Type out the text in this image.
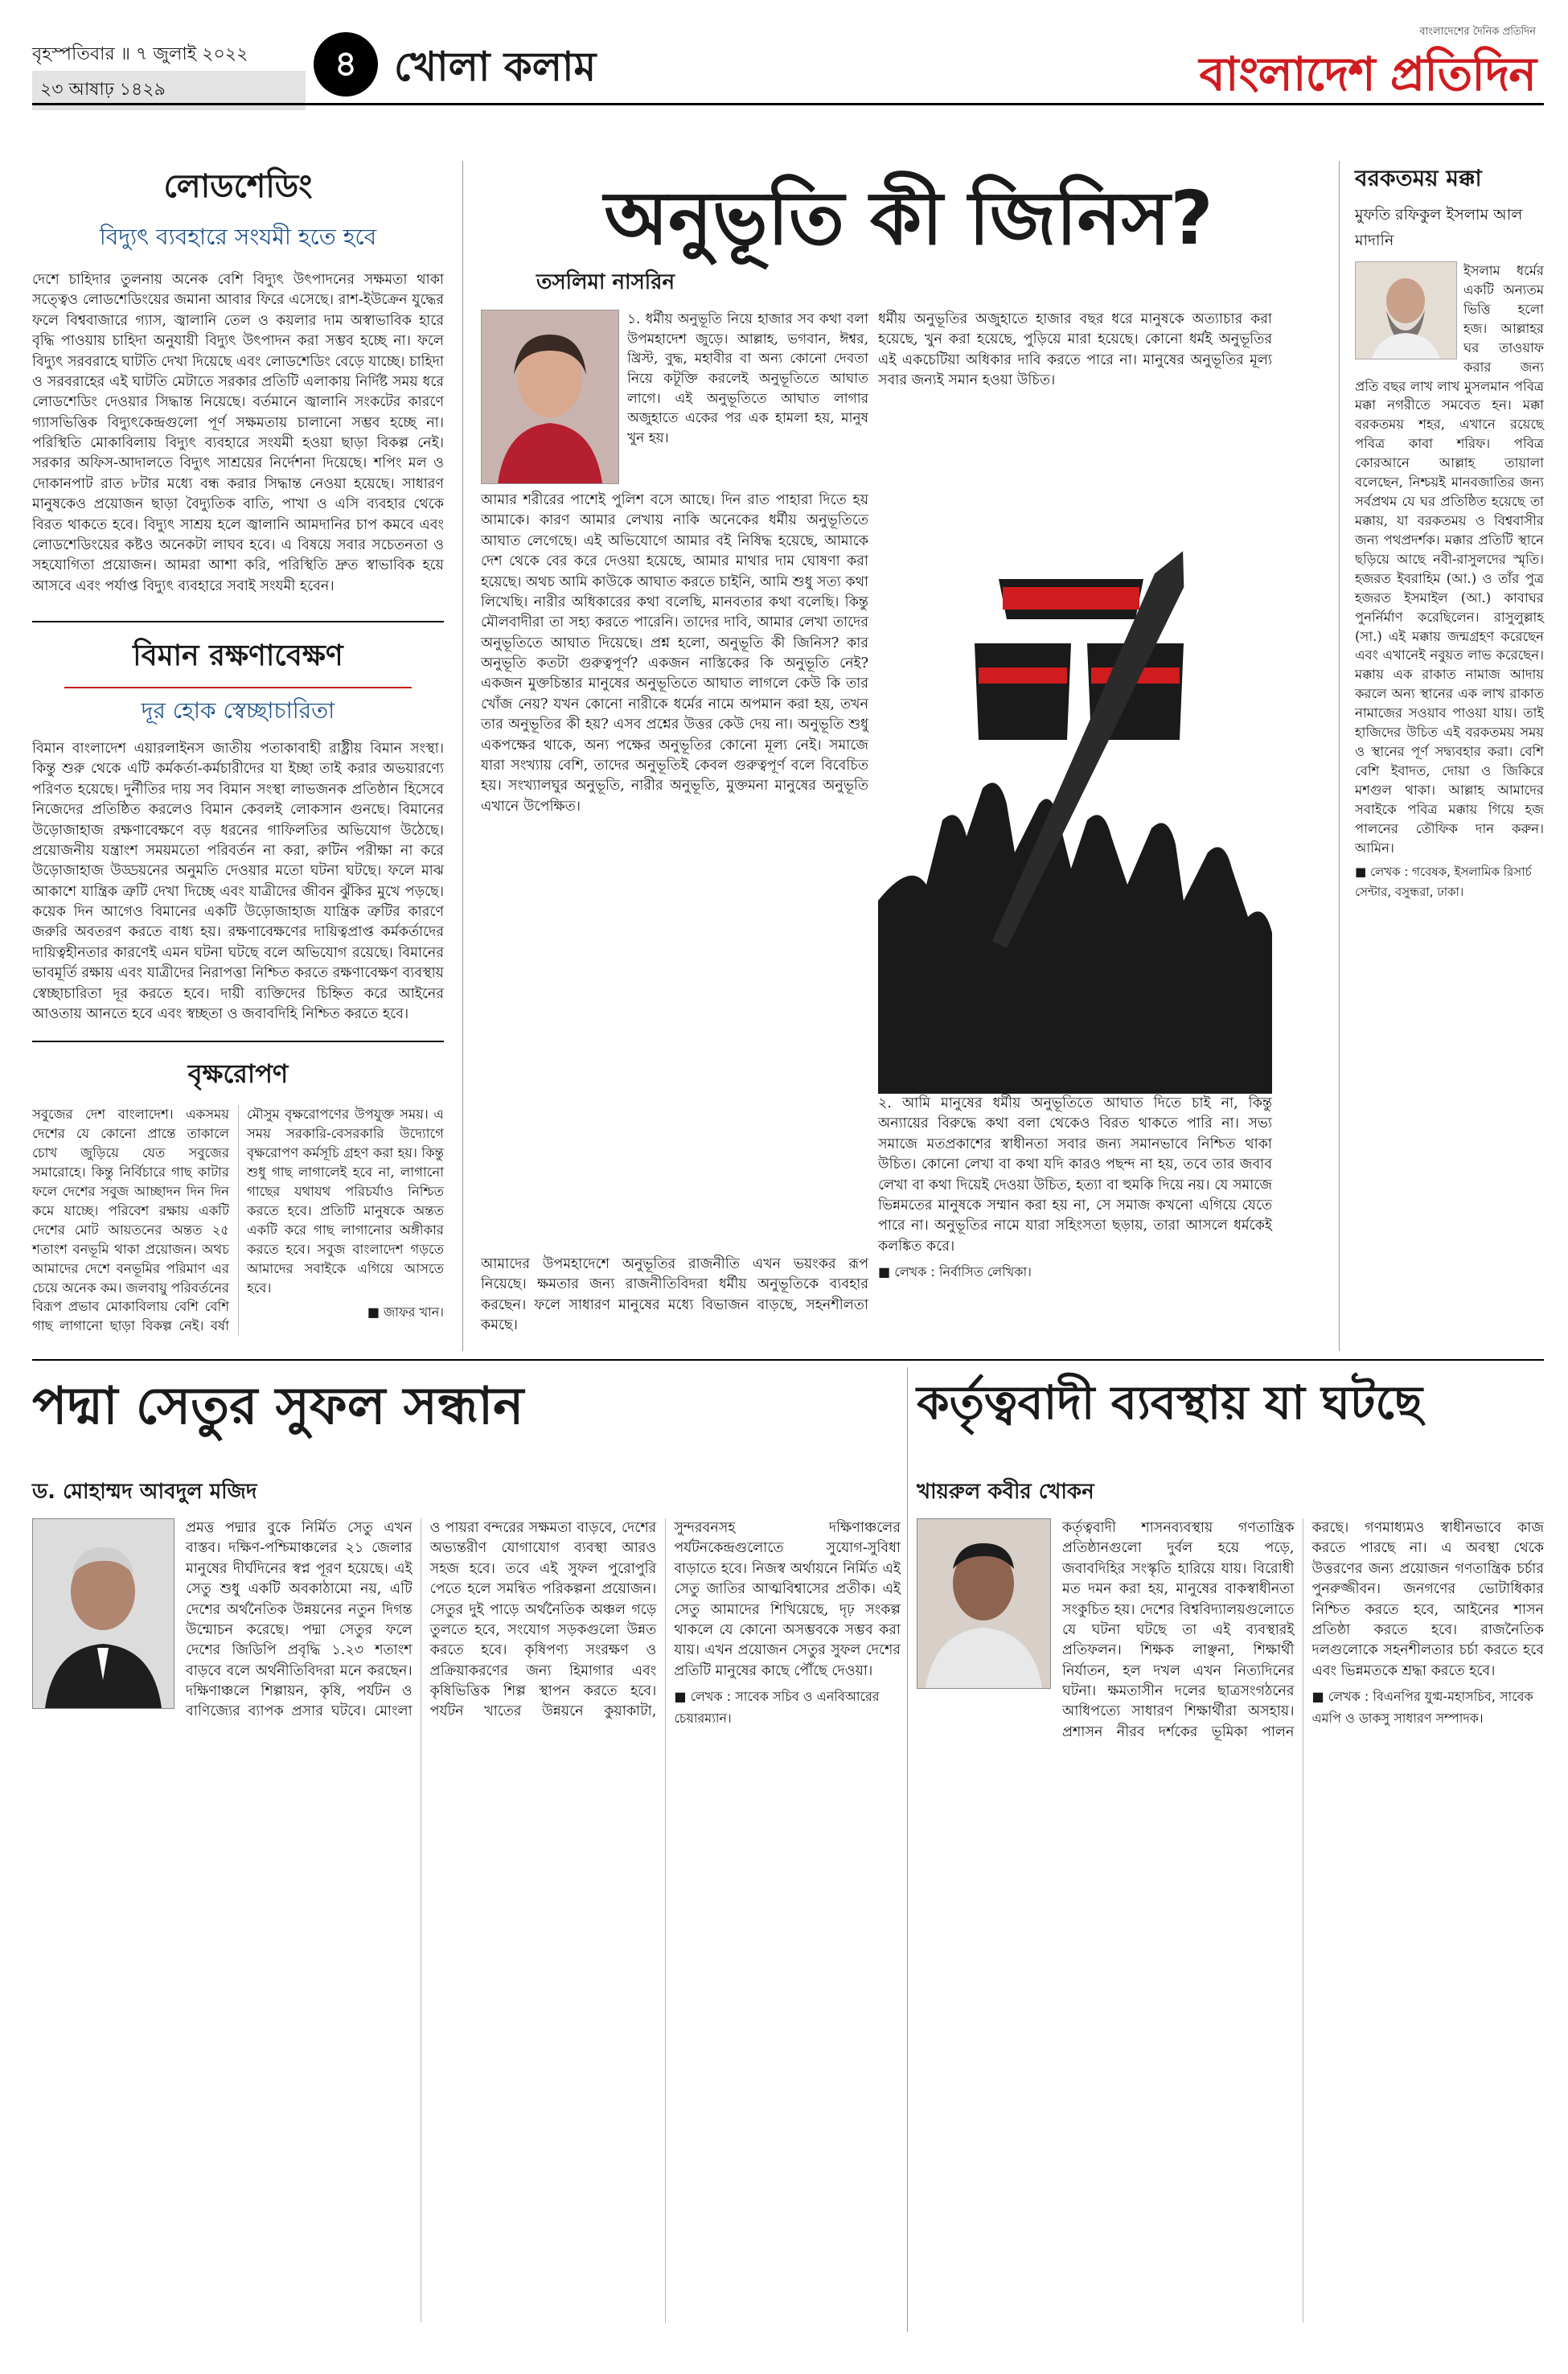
বৃহস্পতিবার ॥ ৭ জুলাই ২০২২
২৩ আষাঢ় ১৪২৯
৪ খোলা কলাম
বাংলাদেশের দৈনিক প্রতিদিন
বাংলাদেশ প্রতিদিন
লোডশেডিং
বিদ্যুৎ ব্যবহারে সংযমী হতে হবে

দেশে চাহিদার তুলনায় অনেক বেশি বিদ্যুৎ উৎপাদনের সক্ষমতা থাকা সত্ত্বেও লোডশেডিংয়ের জমানা আবার ফিরে এসেছে। রাশ-ইউক্রেন যুদ্ধের ফলে বিশ্ববাজারে গ্যাস, জ্বালানি তেল ও কয়লার দাম অস্বাভাবিক হারে বৃদ্ধি পাওয়ায় চাহিদা অনুযায়ী বিদ্যুৎ উৎপাদন করা সম্ভব হচ্ছে না। ফলে বিদ্যুৎ সরবরাহে ঘাটতি দেখা দিয়েছে এবং লোডশেডিং বেড়ে যাচ্ছে। চাহিদা ও সরবরাহের এই ঘাটতি মেটাতে সরকার প্রতিটি এলাকায় নির্দিষ্ট সময় ধরে লোডশেডিং দেওয়ার সিদ্ধান্ত নিয়েছে। বর্তমানে জ্বালানি সংকটের কারণে গ্যাসভিত্তিক বিদ্যুৎকেন্দ্রগুলো পূর্ণ সক্ষমতায় চালানো সম্ভব হচ্ছে না। পরিস্থিতি মোকাবিলায় বিদ্যুৎ ব্যবহারে সংযমী হওয়া ছাড়া বিকল্প নেই। সরকার অফিস-আদালতে বিদ্যুৎ সাশ্রয়ের নির্দেশনা দিয়েছে। শপিং মল ও দোকানপাট রাত ৮টার মধ্যে বন্ধ করার সিদ্ধান্ত নেওয়া হয়েছে। সাধারণ মানুষকেও প্রয়োজন ছাড়া বৈদ্যুতিক বাতি, পাখা ও এসি ব্যবহার থেকে বিরত থাকতে হবে। বিদ্যুৎ সাশ্রয় হলে জ্বালানি আমদানির চাপ কমবে এবং লোডশেডিংয়ের কষ্টও অনেকটা লাঘব হবে। এ বিষয়ে সবার সচেতনতা ও সহযোগিতা প্রয়োজন। আমরা আশা করি, পরিস্থিতি দ্রুত স্বাভাবিক হয়ে আসবে এবং পর্যাপ্ত বিদ্যুৎ ব্যবহারে সবাই সংযমী হবেন।

বিমান রক্ষণাবেক্ষণ
দূর হোক স্বেচ্ছাচারিতা

বিমান বাংলাদেশ এয়ারলাইনস জাতীয় পতাকাবাহী রাষ্ট্রীয় বিমান সংস্থা। কিন্তু শুরু থেকে এটি কর্মকর্তা-কর্মচারীদের যা ইচ্ছা তাই করার অভয়ারণ্যে পরিণত হয়েছে। দুর্নীতির দায় সব বিমান সংস্থা লাভজনক প্রতিষ্ঠান হিসেবে নিজেদের প্রতিষ্ঠিত করলেও বিমান কেবলই লোকসান গুনছে। বিমানের উড়োজাহাজ রক্ষণাবেক্ষণে বড় ধরনের গাফিলতির অভিযোগ উঠেছে। প্রয়োজনীয় যন্ত্রাংশ সময়মতো পরিবর্তন না করা, রুটিন পরীক্ষা না করে উড়োজাহাজ উড্ডয়নের অনুমতি দেওয়ার মতো ঘটনা ঘটছে। ফলে মাঝ আকাশে যান্ত্রিক ত্রুটি দেখা দিচ্ছে এবং যাত্রীদের জীবন ঝুঁকির মুখে পড়ছে। কয়েক দিন আগেও বিমানের একটি উড়োজাহাজ যান্ত্রিক ত্রুটির কারণে জরুরি অবতরণ করতে বাধ্য হয়। রক্ষণাবেক্ষণের দায়িত্বপ্রাপ্ত কর্মকর্তাদের দায়িত্বহীনতার কারণেই এমন ঘটনা ঘটছে বলে অভিযোগ রয়েছে। বিমানের ভাবমূর্তি রক্ষায় এবং যাত্রীদের নিরাপত্তা নিশ্চিত করতে রক্ষণাবেক্ষণ ব্যবস্থায় স্বেচ্ছাচারিতা দূর করতে হবে। দায়ী ব্যক্তিদের চিহ্নিত করে আইনের আওতায় আনতে হবে এবং স্বচ্ছতা ও জবাবদিহি নিশ্চিত করতে হবে।

বৃক্ষরোপণ

সবুজের দেশ বাংলাদেশ। একসময় দেশের যে কোনো প্রান্তে তাকালে চোখ জুড়িয়ে যেত সবুজের সমারোহে। কিন্তু নির্বিচারে গাছ কাটার ফলে দেশের সবুজ আচ্ছাদন দিন দিন কমে যাচ্ছে। পরিবেশ রক্ষায় একটি দেশের মোট আয়তনের অন্তত ২৫ শতাংশ বনভূমি থাকা প্রয়োজন। অথচ আমাদের দেশে বনভূমির পরিমাণ এর চেয়ে অনেক কম। জলবায়ু পরিবর্তনের বিরূপ প্রভাব মোকাবিলায় বেশি বেশি গাছ লাগানো ছাড়া বিকল্প নেই। বর্ষা মৌসুম বৃক্ষরোপণের উপযুক্ত সময়। এ সময় সরকারি-বেসরকারি উদ্যোগে বৃক্ষরোপণ কর্মসূচি গ্রহণ করা হয়। কিন্তু শুধু গাছ লাগালেই হবে না, লাগানো গাছের যথাযথ পরিচর্যাও নিশ্চিত করতে হবে। প্রতিটি মানুষকে অন্তত একটি করে গাছ লাগানোর অঙ্গীকার করতে হবে। সবুজ বাংলাদেশ গড়তে আমাদের সবাইকে এগিয়ে আসতে হবে।

■ জাফর খান।
অনুভূতি কী জিনিস?
তসলিমা নাসরিন

১. ধর্মীয় অনুভূতি নিয়ে হাজার সব কথা বলা উপমহাদেশ জুড়ে। আল্লাহ, ভগবান, ঈশ্বর, খ্রিস্ট, বুদ্ধ, মহাবীর বা অন্য কোনো দেবতা নিয়ে কটূক্তি করলেই অনুভূতিতে আঘাত লাগে। এই অনুভূতিতে আঘাত লাগার অজুহাতে একের পর এক হামলা হয়, মানুষ খুন হয়।

আমার শরীরের পাশেই পুলিশ বসে আছে। দিন রাত পাহারা দিতে হয় আমাকে। কারণ আমার লেখায় নাকি অনেকের ধর্মীয় অনুভূতিতে আঘাত লেগেছে। এই অভিযোগে আমার বই নিষিদ্ধ হয়েছে, আমাকে দেশ থেকে বের করে দেওয়া হয়েছে, আমার মাথার দাম ঘোষণা করা হয়েছে। অথচ আমি কাউকে আঘাত করতে চাইনি, আমি শুধু সত্য কথা লিখেছি। নারীর অধিকারের কথা বলেছি, মানবতার কথা বলেছি। কিন্তু মৌলবাদীরা তা সহ্য করতে পারেনি। তাদের দাবি, আমার লেখা তাদের অনুভূতিতে আঘাত দিয়েছে। প্রশ্ন হলো, অনুভূতি কী জিনিস? কার অনুভূতি কতটা গুরুত্বপূর্ণ? একজন নাস্তিকের কি অনুভূতি নেই? একজন মুক্তচিন্তার মানুষের অনুভূতিতে আঘাত লাগলে কেউ কি তার খোঁজ নেয়? যখন কোনো নারীকে ধর্মের নামে অপমান করা হয়, তখন তার অনুভূতির কী হয়? এসব প্রশ্নের উত্তর কেউ দেয় না। অনুভূতি শুধু একপক্ষের থাকে, অন্য পক্ষের অনুভূতির কোনো মূল্য নেই। সমাজে যারা সংখ্যায় বেশি, তাদের অনুভূতিই কেবল গুরুত্বপূর্ণ বলে বিবেচিত হয়। সংখ্যালঘুর অনুভূতি, নারীর অনুভূতি, মুক্তমনা মানুষের অনুভূতি এখানে উপেক্ষিত।

ধর্মীয় অনুভূতির অজুহাতে হাজার বছর ধরে মানুষকে অত্যাচার করা হয়েছে, খুন করা হয়েছে, পুড়িয়ে মারা হয়েছে। কোনো ধর্মই অনুভূতির এই একচেটিয়া অধিকার দাবি করতে পারে না। মানুষের অনুভূতির মূল্য সবার জন্যই সমান হওয়া উচিত।

২. আমি মানুষের ধর্মীয় অনুভূতিতে আঘাত দিতে চাই না, কিন্তু অন্যায়ের বিরুদ্ধে কথা বলা থেকেও বিরত থাকতে পারি না। সভ্য সমাজে মতপ্রকাশের স্বাধীনতা সবার জন্য সমানভাবে নিশ্চিত থাকা উচিত। কোনো লেখা বা কথা যদি কারও পছন্দ না হয়, তবে তার জবাব লেখা বা কথা দিয়েই দেওয়া উচিত, হত্যা বা হুমকি দিয়ে নয়। যে সমাজে ভিন্নমতের মানুষকে সম্মান করা হয় না, সে সমাজ কখনো এগিয়ে যেতে পারে না। অনুভূতির নামে যারা সহিংসতা ছড়ায়, তারা আসলে ধর্মকেই কলঙ্কিত করে।

■ লেখক : নির্বাসিত লেখিকা।

আমাদের উপমহাদেশে অনুভূতির রাজনীতি এখন ভয়ংকর রূপ নিয়েছে। ক্ষমতার জন্য রাজনীতিবিদরা ধর্মীয় অনুভূতিকে ব্যবহার করছেন। ফলে সাধারণ মানুষের মধ্যে বিভাজন বাড়ছে, সহনশীলতা কমছে।

বরকতময় মক্কা
মুফতি রফিকুল ইসলাম আল মাদানি

ইসলাম ধর্মের একটি অন্যতম ভিত্তি হলো হজ। আল্লাহর ঘর তাওয়াফ করার জন্য প্রতি বছর লাখ লাখ মুসলমান পবিত্র মক্কা নগরীতে সমবেত হন। মক্কা বরকতময় শহর, এখানে রয়েছে পবিত্র কাবা শরিফ। পবিত্র কোরআনে আল্লাহ তায়ালা বলেছেন, নিশ্চয়ই মানবজাতির জন্য সর্বপ্রথম যে ঘর প্রতিষ্ঠিত হয়েছে তা মক্কায়, যা বরকতময় ও বিশ্ববাসীর জন্য পথপ্রদর্শক। মক্কার প্রতিটি স্থানে ছড়িয়ে আছে নবী-রাসুলদের স্মৃতি। হজরত ইবরাহিম (আ.) ও তাঁর পুত্র হজরত ইসমাইল (আ.) কাবাঘর পুনর্নির্মাণ করেছিলেন। রাসুলুল্লাহ (সা.) এই মক্কায় জন্মগ্রহণ করেছেন এবং এখানেই নবুয়ত লাভ করেছেন। মক্কায় এক রাকাত নামাজ আদায় করলে অন্য স্থানের এক লাখ রাকাত নামাজের সওয়াব পাওয়া যায়। তাই হাজিদের উচিত এই বরকতময় সময় ও স্থানের পূর্ণ সদ্ব্যবহার করা। বেশি বেশি ইবাদত, দোয়া ও জিকিরে মশগুল থাকা। আল্লাহ আমাদের সবাইকে পবিত্র মক্কায় গিয়ে হজ পালনের তৌফিক দান করুন। আমিন।

■ লেখক : গবেষক, ইসলামিক রিসার্চ সেন্টার, বসুন্ধরা, ঢাকা।
পদ্মা সেতুর সুফল সন্ধান
ড. মোহাম্মদ আবদুল মজিদ

প্রমত্ত পদ্মার বুকে নির্মিত সেতু এখন বাস্তব। দক্ষিণ-পশ্চিমাঞ্চলের ২১ জেলার মানুষের দীর্ঘদিনের স্বপ্ন পূরণ হয়েছে। এই সেতু শুধু একটি অবকাঠামো নয়, এটি দেশের অর্থনৈতিক উন্নয়নের নতুন দিগন্ত উন্মোচন করেছে। পদ্মা সেতুর ফলে দেশের জিডিপি প্রবৃদ্ধি ১.২৩ শতাংশ বাড়বে বলে অর্থনীতিবিদরা মনে করছেন। দক্ষিণাঞ্চলে শিল্পায়ন, কৃষি, পর্যটন ও বাণিজ্যের ব্যাপক প্রসার ঘটবে। মোংলা ও পায়রা বন্দরের সক্ষমতা বাড়বে, দেশের অভ্যন্তরীণ যোগাযোগ ব্যবস্থা আরও সহজ হবে। তবে এই সুফল পুরোপুরি পেতে হলে সমন্বিত পরিকল্পনা প্রয়োজন। সেতুর দুই পাড়ে অর্থনৈতিক অঞ্চল গড়ে তুলতে হবে, সংযোগ সড়কগুলো উন্নত করতে হবে। কৃষিপণ্য সংরক্ষণ ও প্রক্রিয়াকরণের জন্য হিমাগার এবং কৃষিভিত্তিক শিল্প স্থাপন করতে হবে। পর্যটন খাতের উন্নয়নে কুয়াকাটা, সুন্দরবনসহ দক্ষিণাঞ্চলের পর্যটনকেন্দ্রগুলোতে সুযোগ-সুবিধা বাড়াতে হবে। নিজস্ব অর্থায়নে নির্মিত এই সেতু জাতির আত্মবিশ্বাসের প্রতীক। এই সেতু আমাদের শিখিয়েছে, দৃঢ় সংকল্প থাকলে যে কোনো অসম্ভবকে সম্ভব করা যায়। এখন প্রয়োজন সেতুর সুফল দেশের প্রতিটি মানুষের কাছে পৌঁছে দেওয়া।

■ লেখক : সাবেক সচিব ও এনবিআরের চেয়ারম্যান।
কর্তৃত্ববাদী ব্যবস্থায় যা ঘটছে
খায়রুল কবীর খোকন

কর্তৃত্ববাদী শাসনব্যবস্থায় গণতান্ত্রিক প্রতিষ্ঠানগুলো দুর্বল হয়ে পড়ে, জবাবদিহির সংস্কৃতি হারিয়ে যায়। বিরোধী মত দমন করা হয়, মানুষের বাকস্বাধীনতা সংকুচিত হয়। দেশের বিশ্ববিদ্যালয়গুলোতে যে ঘটনা ঘটছে তা এই ব্যবস্থারই প্রতিফলন। শিক্ষক লাঞ্ছনা, শিক্ষার্থী নির্যাতন, হল দখল এখন নিত্যদিনের ঘটনা। ক্ষমতাসীন দলের ছাত্রসংগঠনের আধিপত্যে সাধারণ শিক্ষার্থীরা অসহায়। প্রশাসন নীরব দর্শকের ভূমিকা পালন করছে। গণমাধ্যমও স্বাধীনভাবে কাজ করতে পারছে না। এ অবস্থা থেকে উত্তরণের জন্য প্রয়োজন গণতান্ত্রিক চর্চার পুনরুজ্জীবন। জনগণের ভোটাধিকার নিশ্চিত করতে হবে, আইনের শাসন প্রতিষ্ঠা করতে হবে। রাজনৈতিক দলগুলোকে সহনশীলতার চর্চা করতে হবে এবং ভিন্নমতকে শ্রদ্ধা করতে হবে।

■ লেখক : বিএনপির যুগ্ম-মহাসচিব, সাবেক এমপি ও ডাকসু সাধারণ সম্পাদক।
